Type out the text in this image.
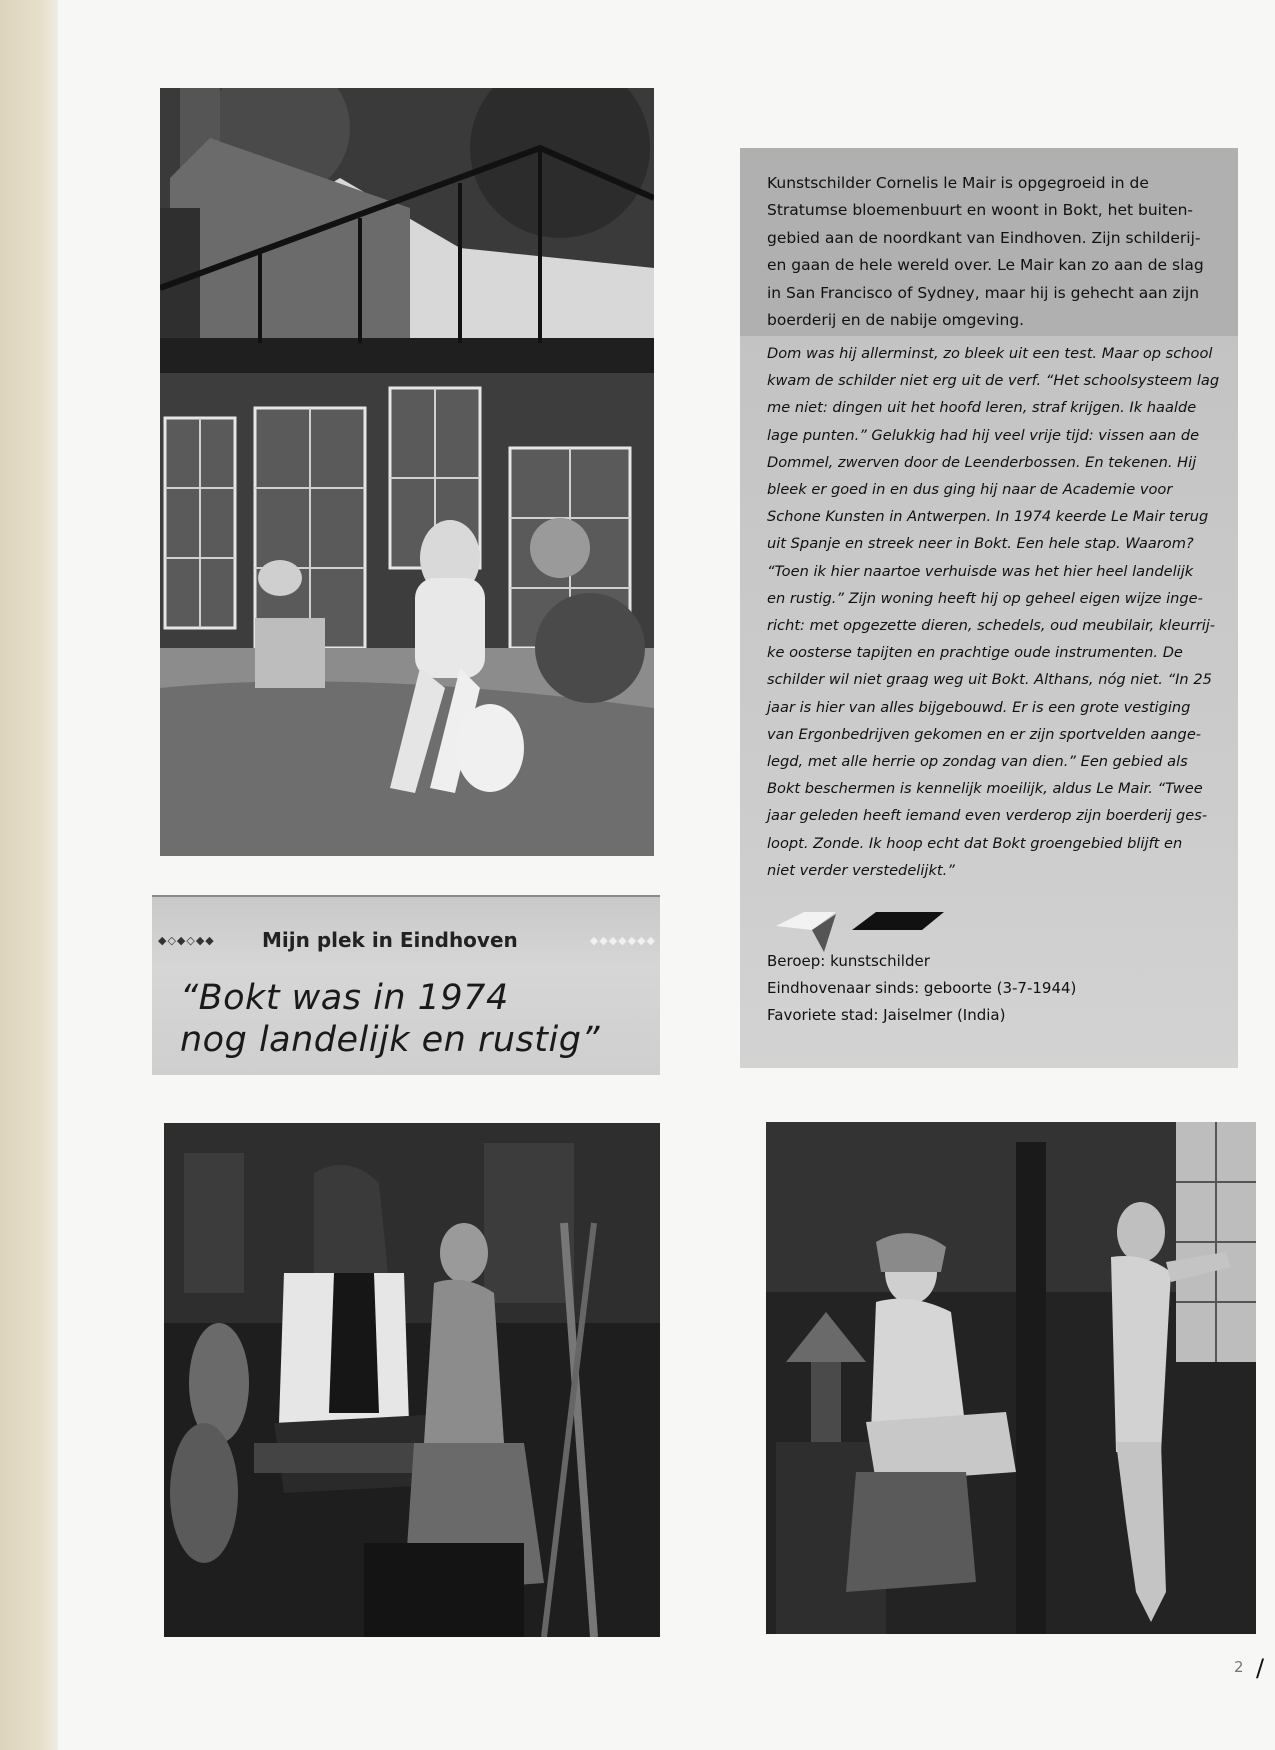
◆◇◆◇◆◆	Mijn plek in Eindhoven	◆◆◆◆◆◆◆
“Bokt was in 1974
nog landelijk en rustig”
Kunstschilder Cornelis le Mair is opgegroeid in de
Stratumse bloemenbuurt en woont in Bokt, het buiten-
gebied aan de noordkant van Eindhoven. Zijn schilderij-
en gaan de hele wereld over. Le Mair kan zo aan de slag
in San Francisco of Sydney, maar hij is gehecht aan zijn
boerderij en de nabije omgeving.
Dom was hij allerminst, zo bleek uit een test. Maar op school
kwam de schilder niet erg uit de verf. “Het schoolsysteem lag
me niet: dingen uit het hoofd leren, straf krijgen. Ik haalde
lage punten.” Gelukkig had hij veel vrije tijd: vissen aan de
Dommel, zwerven door de Leenderbossen. En tekenen. Hij
bleek er goed in en dus ging hij naar de Academie voor
Schone Kunsten in Antwerpen. In 1974 keerde Le Mair terug
uit Spanje en streek neer in Bokt. Een hele stap. Waarom?
“Toen ik hier naartoe verhuisde was het hier heel landelijk
en rustig.” Zijn woning heeft hij op geheel eigen wijze inge-
richt: met opgezette dieren, schedels, oud meubilair, kleurrij-
ke oosterse tapijten en prachtige oude instrumenten. De
schilder wil niet graag weg uit Bokt. Althans, nóg niet. “In 25
jaar is hier van alles bijgebouwd. Er is een grote vestiging
van Ergonbedrijven gekomen en er zijn sportvelden aange-
legd, met alle herrie op zondag van dien.” Een gebied als
Bokt beschermen is kennelijk moeilijk, aldus Le Mair. “Twee
jaar geleden heeft iemand even verderop zijn boerderij ges-
loopt. Zonde. Ik hoop echt dat Bokt groengebied blijft en
niet verder verstedelijkt.”
Beroep: kunstschilder
Eindhovenaar sinds: geboorte (3-7-1944)
Favoriete stad: Jaiselmer (India)
2 /
